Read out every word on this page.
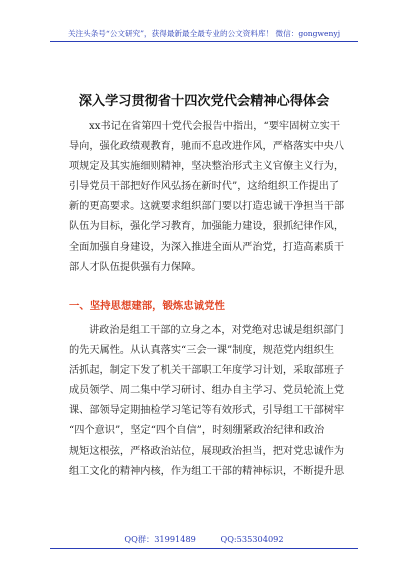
关注头条号“公文研究”，获得最新最全最专业的公文资料库！ 微信：gongwenyj
深入学习贯彻省十四次党代会精神心得体会
xx书记在省第四十党代会报告中指出，“要牢固树立实干
导向，强化政绩观教育，驰而不息改进作风，严格落实中央八
项规定及其实施细则精神，坚决整治形式主义官僚主义行为，
引导党员干部把好作风弘扬在新时代”，这给组织工作提出了
新的更高要求。这就要求组织部门要以打造忠诚干净担当干部
队伍为目标，强化学习教育，加强能力建设，狠抓纪律作风，
全面加强自身建设，为深入推进全面从严治党，打造高素质干
部人才队伍提供强有力保障。
一、坚持思想建部，锻炼忠诚党性
讲政治是组工干部的立身之本，对党绝对忠诚是组织部门
的先天属性。从认真落实“三会一课”制度，规范党内组织生
活抓起，制定下发了机关干部职工年度学习计划，采取部班子
成员领学、周二集中学习研讨、组办自主学习、党员轮流上党
课、部领导定期抽检学习笔记等有效形式，引导组工干部树牢
“四个意识”，坚定“四个自信”，时刻绷紧政治纪律和政治
规矩这根弦，严格政治站位，展现政治担当，把对党忠诚作为
组工文化的精神内核，作为组工干部的精神标识，不断提升思
QQ群：31991489	QQ:535304092
